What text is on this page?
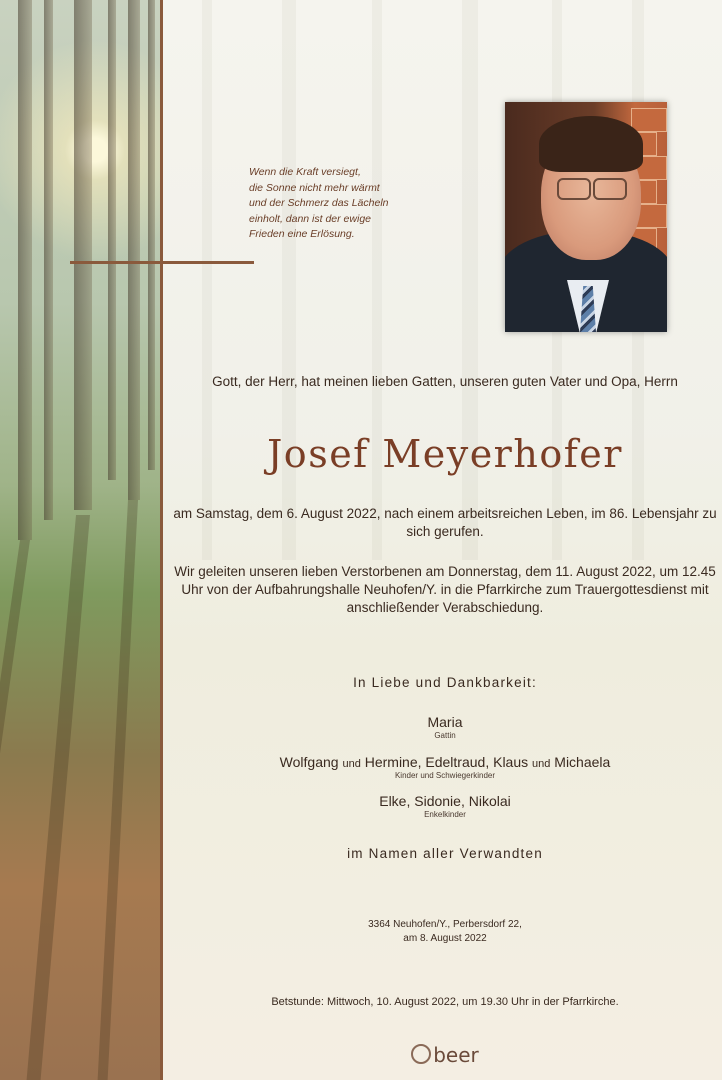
Wenn die Kraft versiegt,
die Sonne nicht mehr wärmt
und der Schmerz das Lächeln
einholt, dann ist der ewige
Frieden eine Erlösung.
Gott, der Herr, hat meinen lieben Gatten, unseren guten Vater und Opa, Herrn
Josef Meyerhofer
am Samstag, dem 6. August 2022, nach einem arbeitsreichen Leben, im 86. Lebensjahr zu sich gerufen.
Wir geleiten unseren lieben Verstorbenen am Donnerstag, dem 11. August 2022, um 12.45 Uhr von der Aufbahrungshalle Neuhofen/Y. in die Pfarrkirche zum Trauergottesdienst mit anschließender Verabschiedung.
In Liebe und Dankbarkeit:
Maria
Gattin
Wolfgang und Hermine, Edeltraud, Klaus und Michaela
Kinder und Schwiegerkinder
Elke, Sidonie, Nikolai
Enkelkinder
im Namen aller Verwandten
3364 Neuhofen/Y., Perbersdorf 22,
am 8. August 2022
Betstunde: Mittwoch, 10. August 2022, um 19.30 Uhr in der Pfarrkirche.
beer
